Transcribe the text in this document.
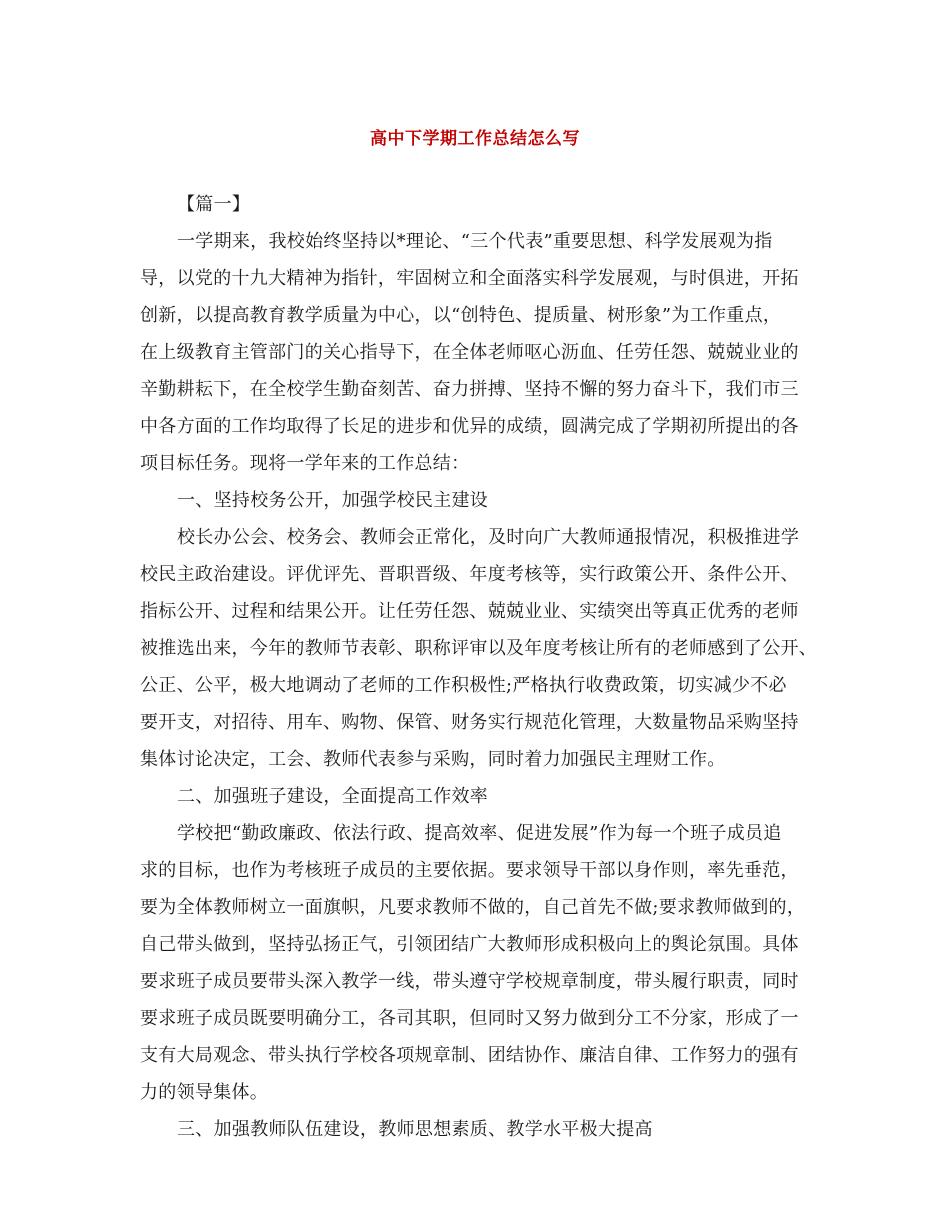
高中下学期工作总结怎么写
【篇一】
一学期来，我校始终坚持以*理论、“三个代表”重要思想、科学发展观为指
导，以党的十九大精神为指针，牢固树立和全面落实科学发展观，与时俱进，开拓
创新，以提高教育教学质量为中心，以“创特色、提质量、树形象”为工作重点，
在上级教育主管部门的关心指导下，在全体老师呕心沥血、任劳任怨、兢兢业业的
辛勤耕耘下，在全校学生勤奋刻苦、奋力拼搏、坚持不懈的努力奋斗下，我们市三
中各方面的工作均取得了长足的进步和优异的成绩，圆满完成了学期初所提出的各
项目标任务。现将一学年来的工作总结：
一、坚持校务公开，加强学校民主建设
校长办公会、校务会、教师会正常化，及时向广大教师通报情况，积极推进学
校民主政治建设。评优评先、晋职晋级、年度考核等，实行政策公开、条件公开、
指标公开、过程和结果公开。让任劳任怨、兢兢业业、实绩突出等真正优秀的老师
被推选出来，今年的教师节表彰、职称评审以及年度考核让所有的老师感到了公开、
公正、公平，极大地调动了老师的工作积极性;严格执行收费政策，切实减少不必
要开支，对招待、用车、购物、保管、财务实行规范化管理，大数量物品采购坚持
集体讨论决定，工会、教师代表参与采购，同时着力加强民主理财工作。
二、加强班子建设，全面提高工作效率
学校把“勤政廉政、依法行政、提高效率、促进发展”作为每一个班子成员追
求的目标，也作为考核班子成员的主要依据。要求领导干部以身作则，率先垂范，
要为全体教师树立一面旗帜，凡要求教师不做的，自己首先不做;要求教师做到的，
自己带头做到，坚持弘扬正气，引领团结广大教师形成积极向上的舆论氛围。具体
要求班子成员要带头深入教学一线，带头遵守学校规章制度，带头履行职责，同时
要求班子成员既要明确分工，各司其职，但同时又努力做到分工不分家，形成了一
支有大局观念、带头执行学校各项规章制、团结协作、廉洁自律、工作努力的强有
力的领导集体。
三、加强教师队伍建设，教师思想素质、教学水平极大提高
